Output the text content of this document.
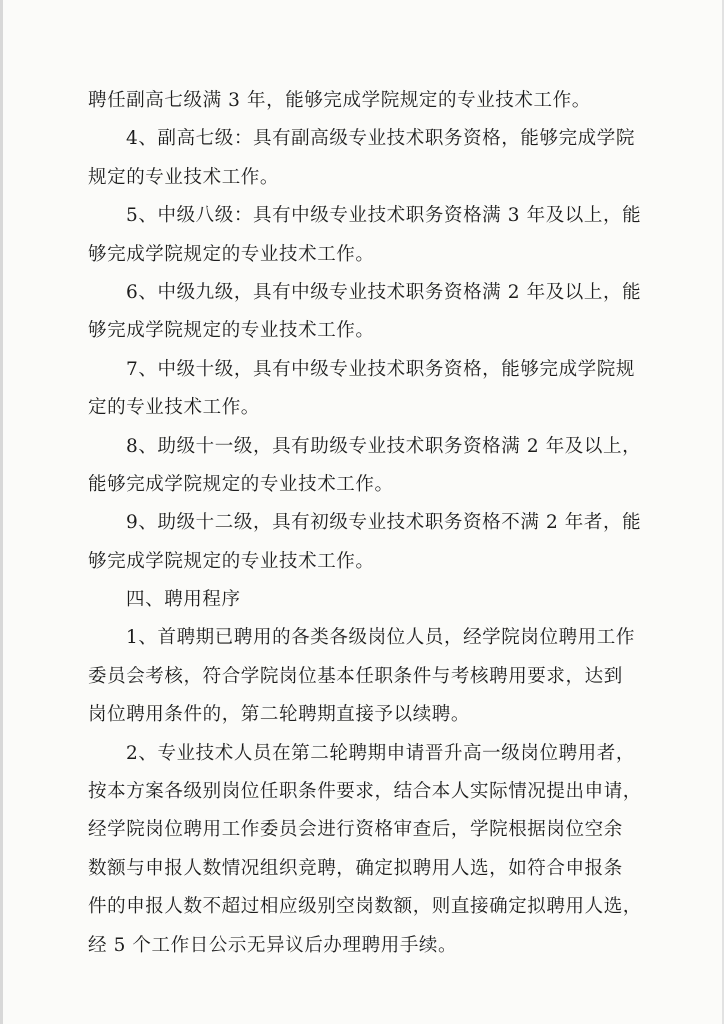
聘任副高七级满 3 年，能够完成学院规定的专业技术工作。
4、副高七级：具有副高级专业技术职务资格，能够完成学院
规定的专业技术工作。
5、中级八级：具有中级专业技术职务资格满 3 年及以上，能
够完成学院规定的专业技术工作。
6、中级九级，具有中级专业技术职务资格满 2 年及以上，能
够完成学院规定的专业技术工作。
7、中级十级，具有中级专业技术职务资格，能够完成学院规
定的专业技术工作。
8、助级十一级，具有助级专业技术职务资格满 2 年及以上，
能够完成学院规定的专业技术工作。
9、助级十二级，具有初级专业技术职务资格不满 2 年者，能
够完成学院规定的专业技术工作。
四、聘用程序
1、首聘期已聘用的各类各级岗位人员，经学院岗位聘用工作
委员会考核，符合学院岗位基本任职条件与考核聘用要求，达到
岗位聘用条件的，第二轮聘期直接予以续聘。
2、专业技术人员在第二轮聘期申请晋升高一级岗位聘用者，
按本方案各级别岗位任职条件要求，结合本人实际情况提出申请，
经学院岗位聘用工作委员会进行资格审查后，学院根据岗位空余
数额与申报人数情况组织竞聘，确定拟聘用人选，如符合申报条
件的申报人数不超过相应级别空岗数额，则直接确定拟聘用人选，
经 5 个工作日公示无异议后办理聘用手续。
